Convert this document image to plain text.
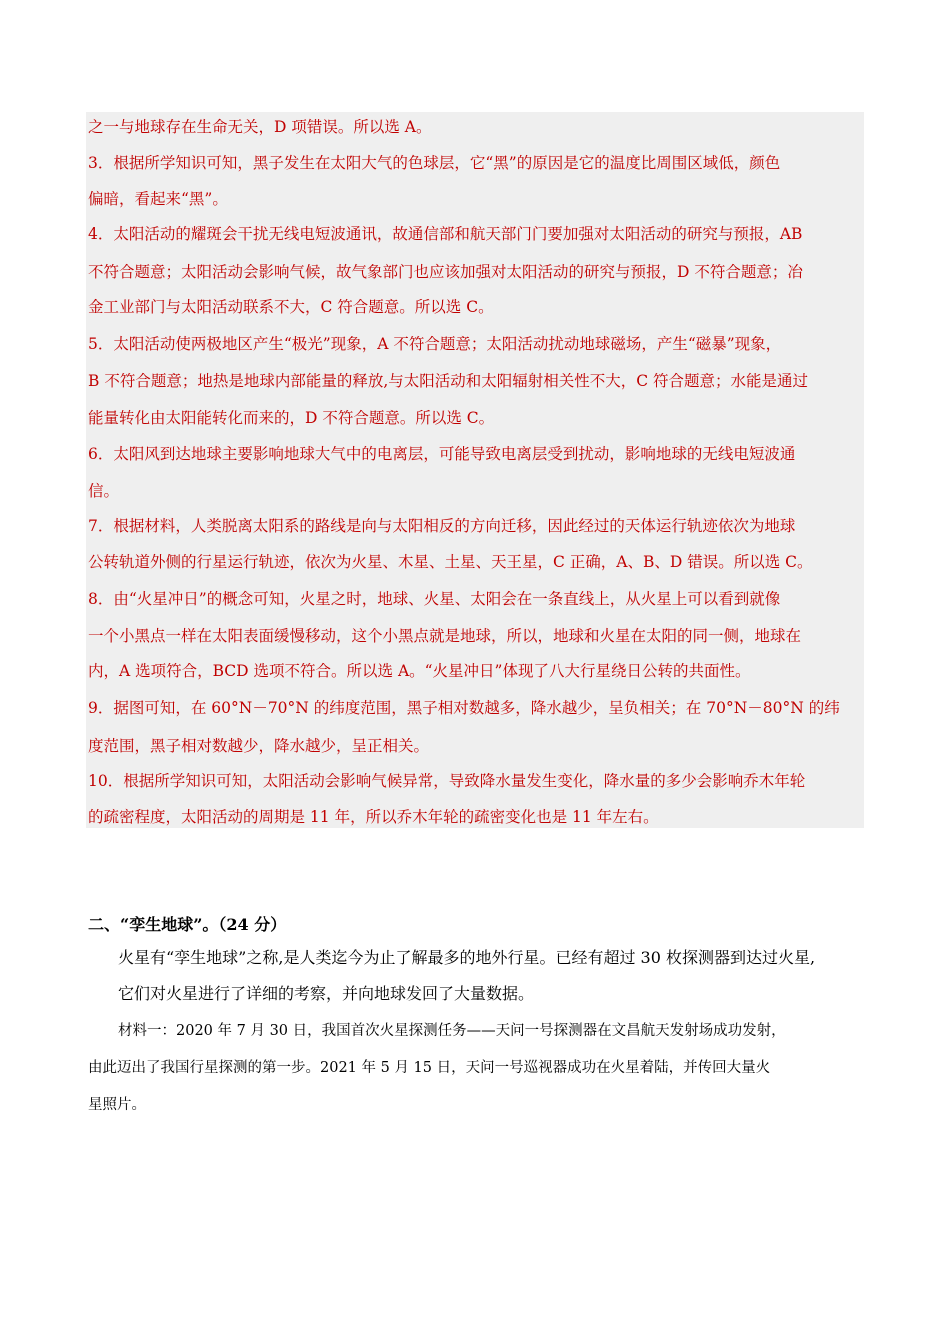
之一与地球存在生命无关，D 项错误。所以选 A。

3．根据所学知识可知，黑子发生在太阳大气的色球层，它“黑”的原因是它的温度比周围区域低，颜色

偏暗，看起来“黑”。

4．太阳活动的耀斑会干扰无线电短波通讯，故通信部和航天部门门要加强对太阳活动的研究与预报，AB

不符合题意；太阳活动会影响气候，故气象部门也应该加强对太阳活动的研究与预报，D 不符合题意；冶

金工业部门与太阳活动联系不大，C 符合题意。所以选 C。

5．太阳活动使两极地区产生“极光”现象，A 不符合题意；太阳活动扰动地球磁场，产生“磁暴”现象，

B 不符合题意；地热是地球内部能量的释放,与太阳活动和太阳辐射相关性不大，C 符合题意；水能是通过

能量转化由太阳能转化而来的，D 不符合题意。所以选 C。

6．太阳风到达地球主要影响地球大气中的电离层，可能导致电离层受到扰动，影响地球的无线电短波通

信。

7．根据材料，人类脱离太阳系的路线是向与太阳相反的方向迁移，因此经过的天体运行轨迹依次为地球

公转轨道外侧的行星运行轨迹，依次为火星、木星、土星、天王星，C 正确，A、B、D 错误。所以选 C。

8．由“火星冲日”的概念可知，火星之时，地球、火星、太阳会在一条直线上，从火星上可以看到就像

一个小黑点一样在太阳表面缓慢移动，这个小黑点就是地球，所以，地球和火星在太阳的同一侧，地球在

内，A 选项符合，BCD 选项不符合。所以选 A。“火星冲日”体现了八大行星绕日公转的共面性。

9．据图可知，在 60°N－70°N 的纬度范围，黑子相对数越多，降水越少，呈负相关；在 70°N－80°N 的纬

度范围，黑子相对数越少，降水越少，呈正相关。

10．根据所学知识可知，太阳活动会影响气候异常，导致降水量发生变化，降水量的多少会影响乔木年轮

的疏密程度，太阳活动的周期是 11 年，所以乔木年轮的疏密变化也是 11 年左右。

二、“孪生地球”。（24 分）

火星有“孪生地球”之称,是人类迄今为止了解最多的地外行星。已经有超过 30 枚探测器到达过火星,

它们对火星进行了详细的考察，并向地球发回了大量数据。

材料一：2020 年 7 月 30 日，我国首次火星探测任务——天问一号探测器在文昌航天发射场成功发射，

由此迈出了我国行星探测的第一步。2021 年 5 月 15 日，天问一号巡视器成功在火星着陆，并传回大量火

星照片。
